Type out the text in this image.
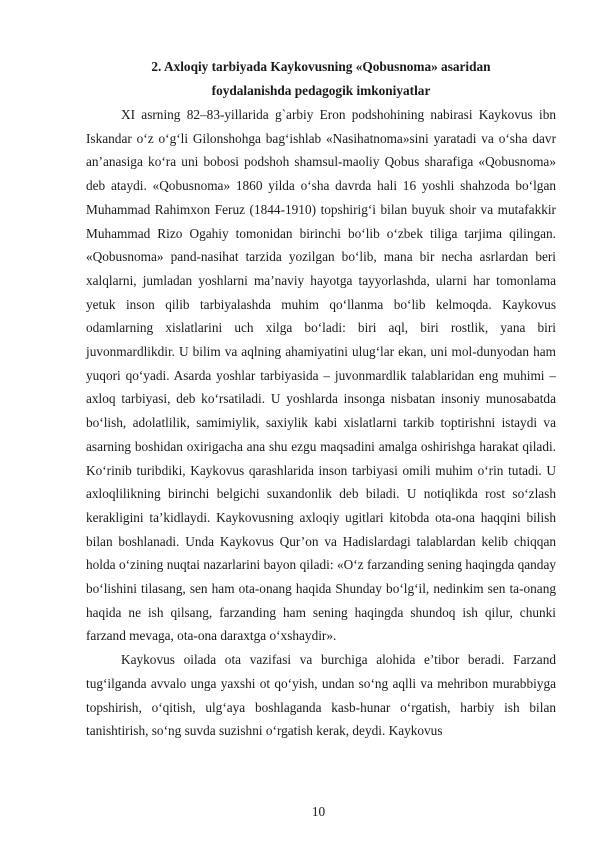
2. Axloqiy tarbiyada Kaykovusning «Qobusnoma» asaridan
foydalanishda pedagogik imkoniyatlar

XI asrning 82–83-yillarida g`arbiy Eron podshohining nabirasi Kaykovus ibn Iskandar o‘z o‘g‘li Gilonshohga bag‘ishlab «Nasihatnoma»sini yaratadi va o‘sha davr an’anasiga ko‘ra uni bobosi podshoh shamsul-maoliy Qobus sharafiga «Qobusnoma» deb ataydi. «Qobusnoma» 1860 yilda o‘sha davrda hali 16 yoshli shahzoda bo‘lgan Muhammad Rahimxon Feruz (1844-1910) topshirig‘i bilan buyuk shoir va mutafakkir Muhammad Rizo Ogahiy tomonidan birinchi bo‘lib o‘zbek tiliga tarjima qilingan. «Qobusnoma» pand-nasihat tarzida yozilgan bo‘lib, mana bir necha asrlardan beri xalqlarni, jumladan yoshlarni ma’naviy hayotga tayyorlashda, ularni har tomonlama yetuk inson qilib tarbiyalashda muhim qo‘llanma bo‘lib kelmoqda. Kaykovus odamlarning xislatlarini uch xilga bo‘ladi: biri aql, biri rostlik, yana biri juvonmardlikdir. U bilim va aqlning ahamiyatini ulug‘lar ekan, uni mol-dunyodan ham yuqori qo‘yadi. Asarda yoshlar tarbiyasida – juvonmardlik talablaridan eng muhimi – axloq tarbiyasi, deb ko‘rsatiladi. U yoshlarda insonga nisbatan insoniy munosabatda bo‘lish, adolatlilik, samimiylik, saxiylik kabi xislatlarni tarkib toptirishni istaydi va asarning boshidan oxirigacha ana shu ezgu maqsadini amalga oshirishga harakat qiladi. Ko‘rinib turibdiki, Kaykovus qarashlarida inson tarbiyasi omili muhim o‘rin tutadi. U axloqlilikning birinchi belgichi suxandonlik deb biladi. U notiqlikda rost so‘zlash kerakligini ta’kidlaydi. Kaykovusning axloqiy ugitlari kitobda ota-ona haqqini bilish bilan boshlanadi. Unda Kaykovus Qur’on va Hadislardagi talablardan kelib chiqqan holda o‘zining nuqtai nazarlarini bayon qiladi: «O‘z farzanding sening haqingda qanday bo‘lishini tilasang, sen ham ota-onang haqida Shunday bo‘lg‘il, nedinkim sen ta-onang haqida ne ish qilsang, farzanding ham sening haqingda shundoq ish qilur, chunki farzand mevaga, ota-ona daraxtga o‘xshaydir».

Kaykovus oilada ota vazifasi va burchiga alohida e’tibor beradi. Farzand tug‘ilganda avvalo unga yaxshi ot qo‘yish, undan so‘ng aqlli va mehribon murabbiyga topshirish, o‘qitish, ulg‘aya boshlaganda kasb-hunar o‘rgatish, harbiy ish bilan tanishtirish, so‘ng suvda suzishni o‘rgatish kerak, deydi. Kaykovus

10
